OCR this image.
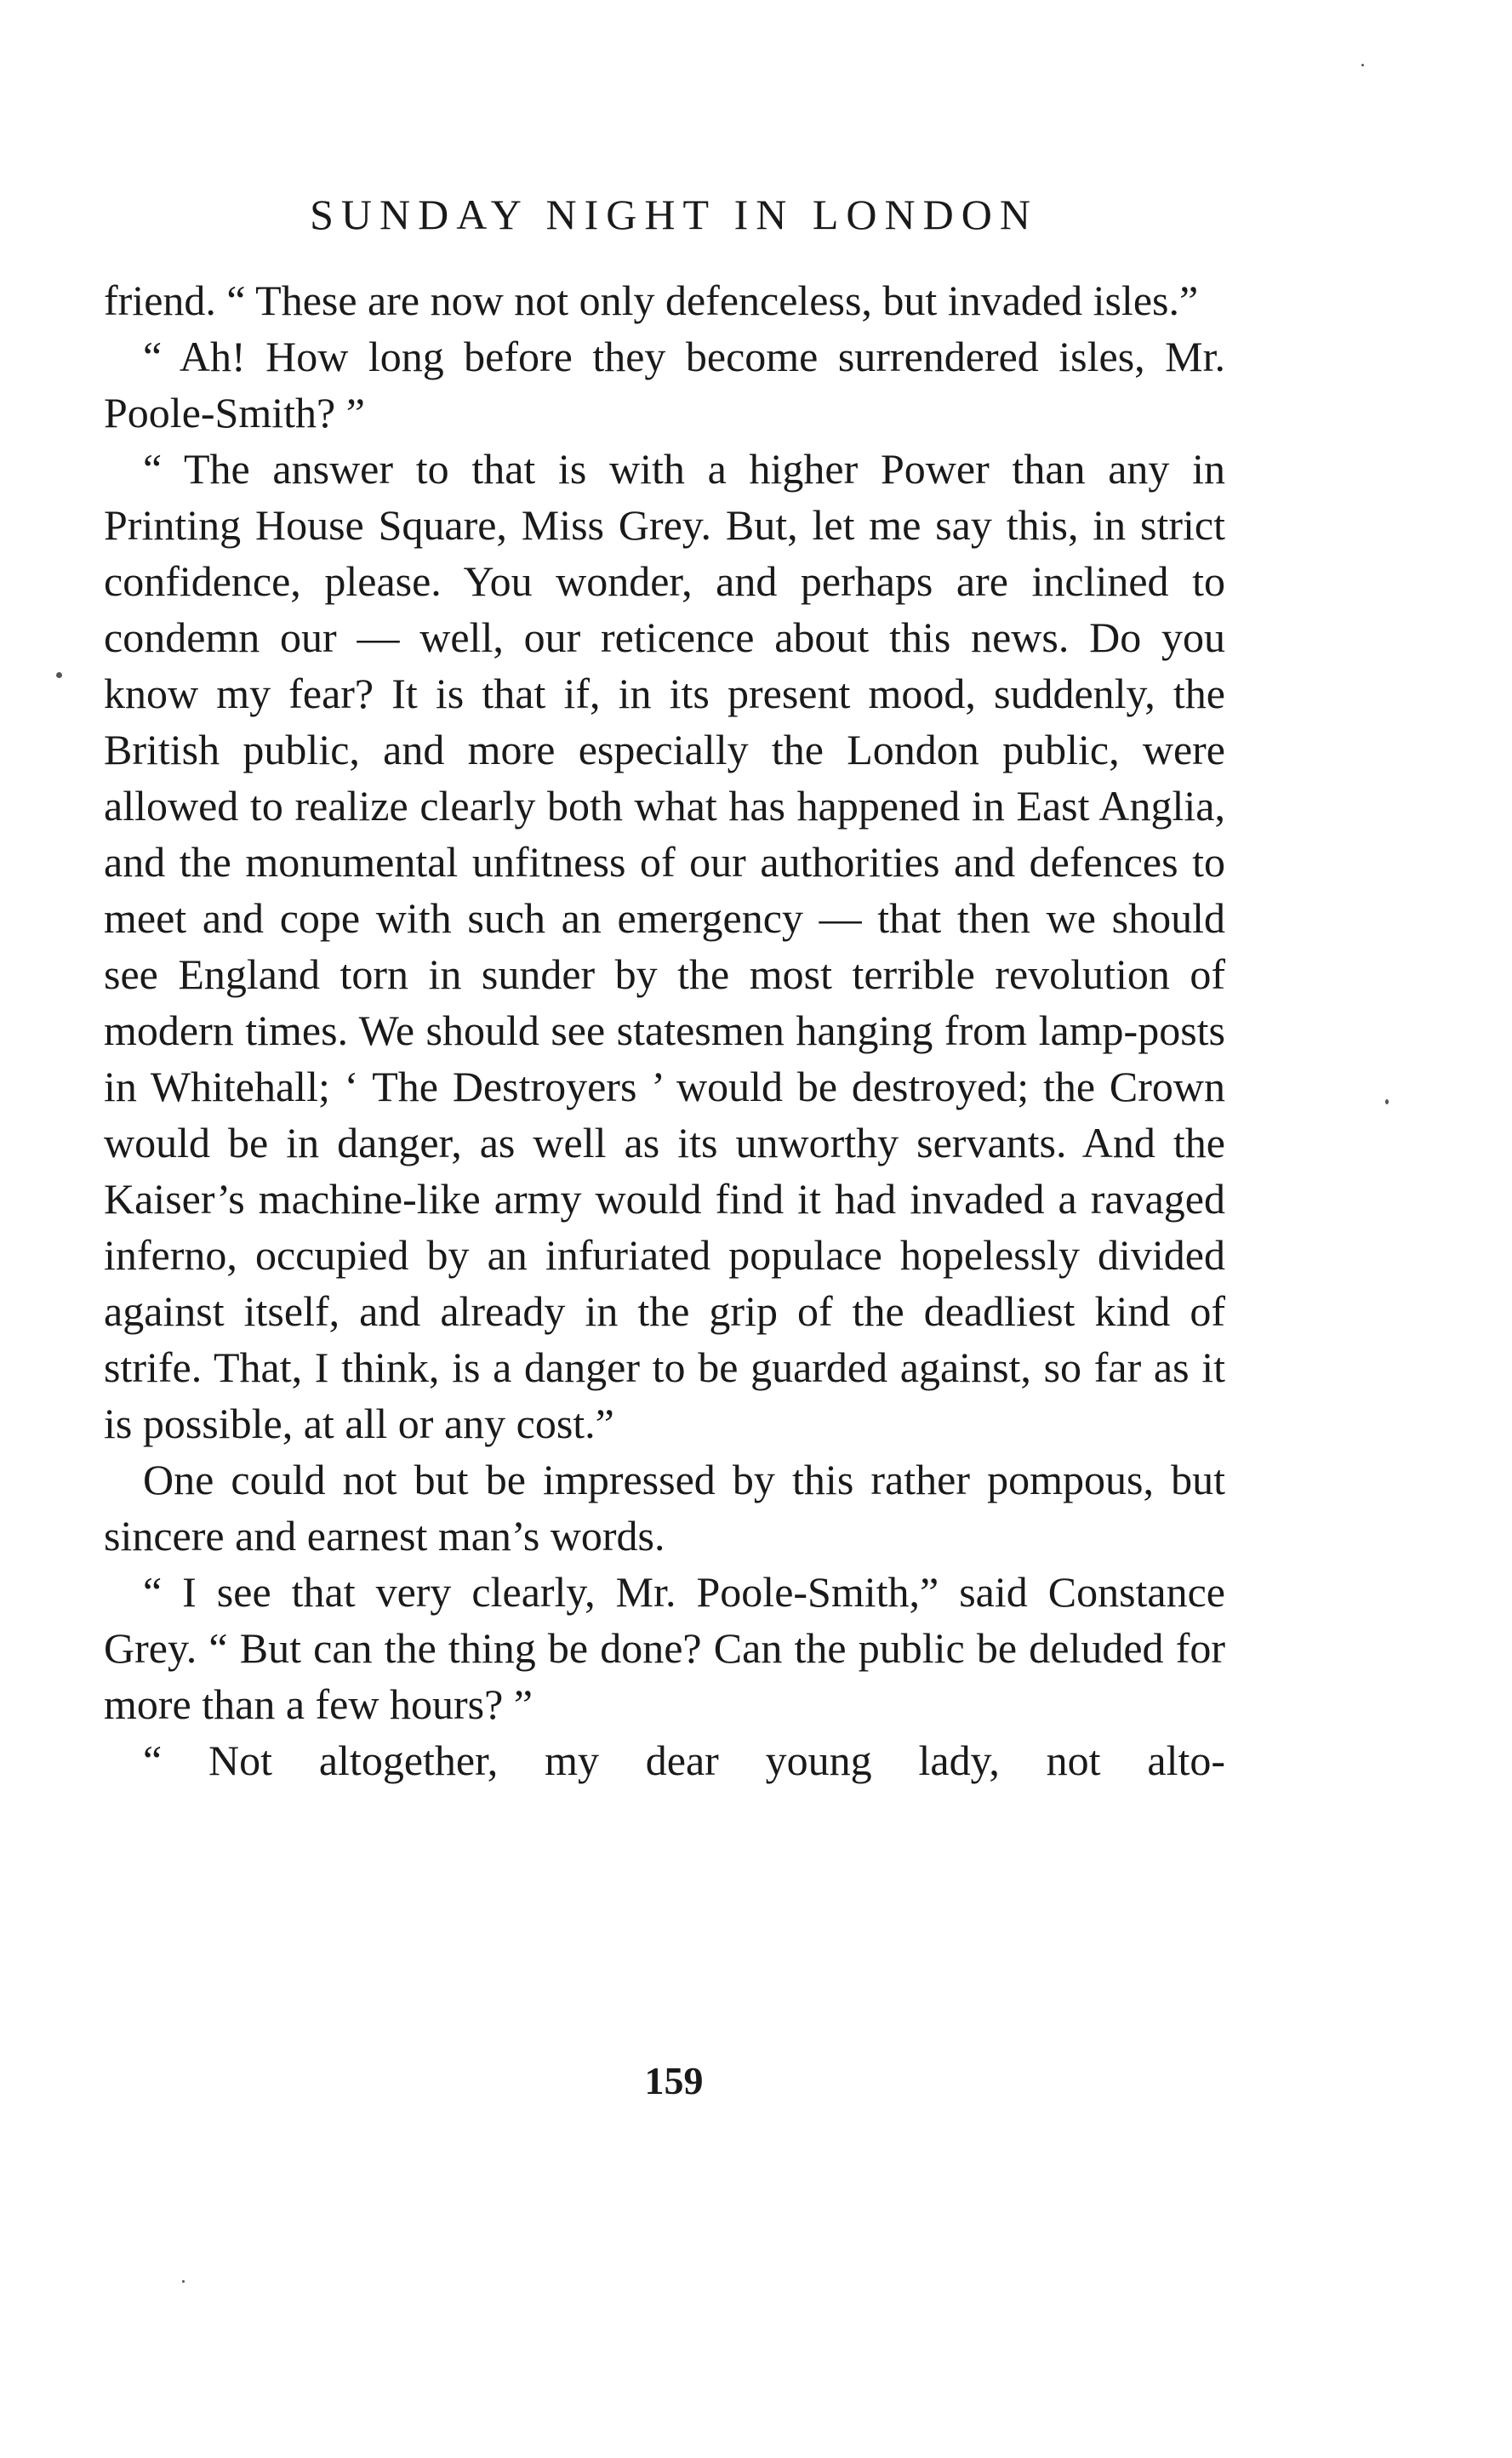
SUNDAY NIGHT IN LONDON

friend. “ These are now not only defenceless, but invaded isles.”

“ Ah! How long before they become surrendered isles, Mr. Poole-Smith? ”

“ The answer to that is with a higher Power than any in Printing House Square, Miss Grey. But, let me say this, in strict confidence, please. You wonder, and perhaps are inclined to condemn our — well, our reticence about this news. Do you know my fear? It is that if, in its present mood, suddenly, the British public, and more especially the London public, were allowed to realize clearly both what has happened in East Anglia, and the monumental unfitness of our authorities and defences to meet and cope with such an emergency — that then we should see England torn in sunder by the most terrible revolution of modern times. We should see statesmen hanging from lamp-posts in Whitehall; ‘ The Destroyers ’ would be destroyed; the Crown would be in danger, as well as its unworthy servants. And the Kaiser’s machine-like army would find it had invaded a ravaged inferno, occupied by an infuriated populace hopelessly divided against itself, and already in the grip of the deadliest kind of strife. That, I think, is a danger to be guarded against, so far as it is possible, at all or any cost.”

One could not but be impressed by this rather pompous, but sincere and earnest man’s words.

“ I see that very clearly, Mr. Poole-Smith,” said Constance Grey. “ But can the thing be done? Can the public be deluded for more than a few hours? ”

“ Not altogether, my dear young lady, not alto-

159
